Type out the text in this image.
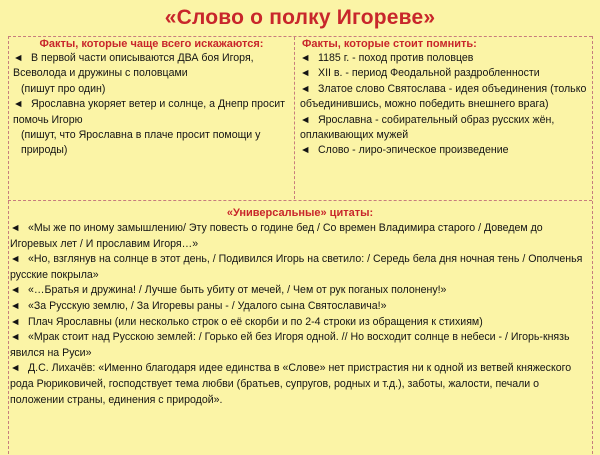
«Слово о полку Игореве»
Факты, которые чаще всего искажаются:

◄ В первой части описываются ДВА боя Игоря, Всеволода и дружины с половцами

(пишут про один)

◄ Ярославна укоряет ветер и солнце, а Днепр просит помочь Игорю

(пишут, что Ярославна в плаче просит помощи у природы)

Факты, которые стоит помнить:

◄ 1185 г. - поход против половцев

◄ XII в. - период Феодальной раздробленности

◄ Златое слово Святослава - идея объединения (только объединившись, можно победить внешнего врага)

◄ Ярославна - собирательный образ русских жён, оплакивающих мужей

◄ Слово - лиро-эпическое произведение

«Универсальные» цитаты:

◄ «Мы же по иному замышлению/ Эту повесть о године бед / Со времен Владимира старого / Доведем до Игоревых лет / И прославим Игоря…»

◄ «Но, взглянув на солнце в этот день, / Подивился Игорь на светило: / Середь бела дня ночная тень / Ополченья русские покрыла»

◄ «…Братья и дружина! / Лучше быть убиту от мечей, / Чем от рук поганых полонену!»

◄ «За Русскую землю, / За Игоревы раны - / Удалого сына Святославича!»

◄ Плач Ярославны (или несколько строк о её скорби и по 2-4 строки из обращения к стихиям)

◄ «Мрак стоит над Русскою землей: / Горько ей без Игоря одной. // Но восходит солнце в небеси - / Игорь-князь явился на Руси»

◄ Д.С. Лихачёв: «Именно благодаря идее единства в «Слове» нет пристрастия ни к одной из ветвей княжеского рода Рюриковичей, господствует тема любви (братьев, супругов, родных и т.д.), заботы, жалости, печали о положении страны, единения с природой».
